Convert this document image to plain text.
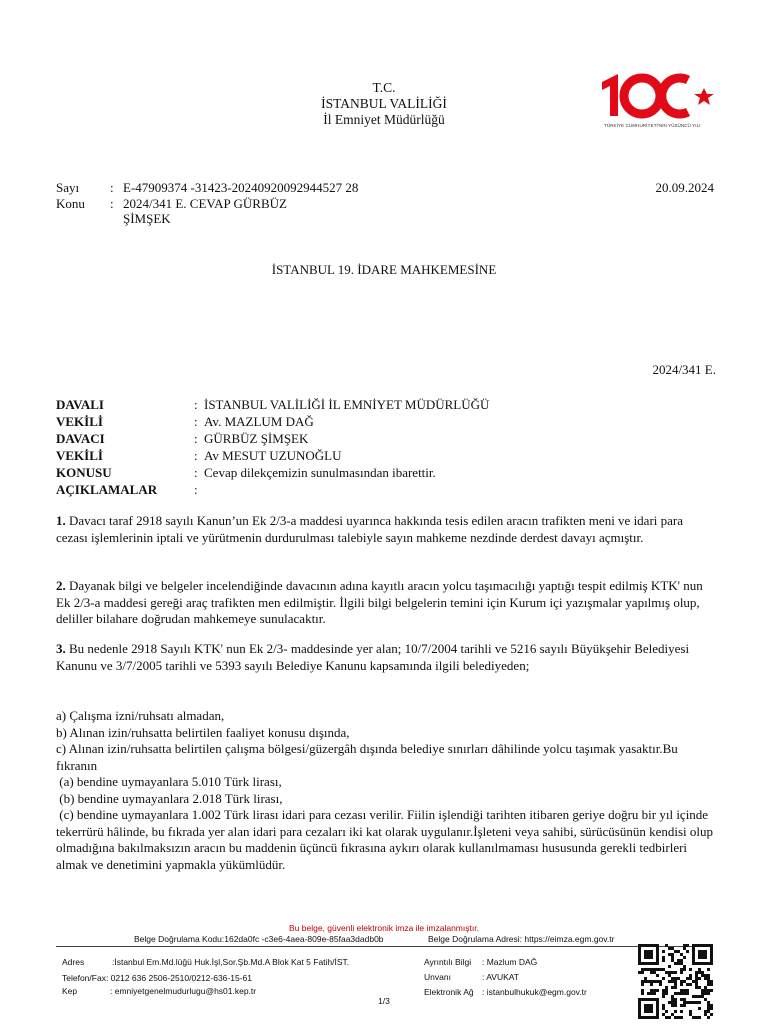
T.C.
İSTANBUL VALİLİĞİ
İl Emniyet Müdürlüğü	TÜRKİYE CUMHURİYETİ'NİN YÜZÜNCÜ YILI
Sayı : E-47909374 -31423-20240920092944527 28
Konu : 2024/341 E. CEVAP GÜRBÜZ
ŞİMŞEK
20.09.2024
İSTANBUL 19. İDARE MAHKEMESİNE
2024/341 E.
DAVALI	: İSTANBUL VALİLİĞİ İL EMNİYET MÜDÜRLÜĞÜ
VEKİLİ	: Av. MAZLUM DAĞ
DAVACI	: GÜRBÜZ ŞİMŞEK
VEKİLİ	: Av MESUT UZUNOĞLU
KONUSU	: Cevap dilekçemizin sunulmasından ibarettir.
AÇIKLAMALAR	:

1. Davacı taraf 2918 sayılı Kanun’un Ek 2/3-a maddesi uyarınca hakkında tesis edilen aracın trafikten meni ve idari para cezası işlemlerinin iptali ve yürütmenin durdurulması talebiyle sayın mahkeme nezdinde derdest davayı açmıştır.

2. Dayanak bilgi ve belgeler incelendiğinde davacının adına kayıtlı aracın yolcu taşımacılığı yaptığı tespit edilmiş KTK' nun Ek 2/3-a maddesi gereği araç trafikten men edilmiştir. İlgili bilgi belgelerin temini için Kurum içi yazışmalar yapılmış olup, deliller bilahare doğrudan mahkemeye sunulacaktır.

3. Bu nedenle 2918 Sayılı KTK' nun Ek 2/3- maddesinde yer alan; 10/7/2004 tarihli ve 5216 sayılı Büyükşehir Belediyesi Kanunu ve 3/7/2005 tarihli ve 5393 sayılı Belediye Kanunu kapsamında ilgili belediyeden;

a) Çalışma izni/ruhsatı almadan,

b) Alınan izin/ruhsatta belirtilen faaliyet konusu dışında,

c) Alınan izin/ruhsatta belirtilen çalışma bölgesi/güzergâh dışında belediye sınırları dâhilinde yolcu taşımak yasaktır.Bu fıkranın

(a) bendine uymayanlara 5.010 Türk lirası,

(b) bendine uymayanlara 2.018 Türk lirası,

(c) bendine uymayanlara 1.002 Türk lirası idari para cezası verilir. Fiilin işlendiği tarihten itibaren geriye doğru bir yıl içinde tekerrürü hâlinde, bu fıkrada yer alan idari para cezaları iki kat olarak uygulanır.İşleteni veya sahibi, sürücüsünün kendisi olup olmadığına bakılmaksızın aracın bu maddenin üçüncü fıkrasına aykırı olarak kullanılmaması hususunda gerekli tedbirleri almak ve denetimini yapmakla yükümlüdür.

Bu belge, güvenli elektronik imza ile imzalanmıştır.
Belge Doğrulama Kodu:162da0fc -c3e6-4aea-809e-85faa3dadb0b	Belge Doğrulama Adresi: https://eimza.egm.gov.tr
Adres	:İstanbul Em.Md.lüğü Huk.İşl,Sor.Şb.Md.A Blok Kat 5 Fatih/İST.
Telefon/Fax: 0212 636 2506-2510/0212-636-15-61
Kep	: emniyetgenelmudurlugu@hs01.kep.tr
Ayrıntılı Bilgi	: Mazlum DAĞ
Unvanı	: AVUKAT
Elektronik Ağ : istanbulhukuk@egm.gov.tr
1/3
